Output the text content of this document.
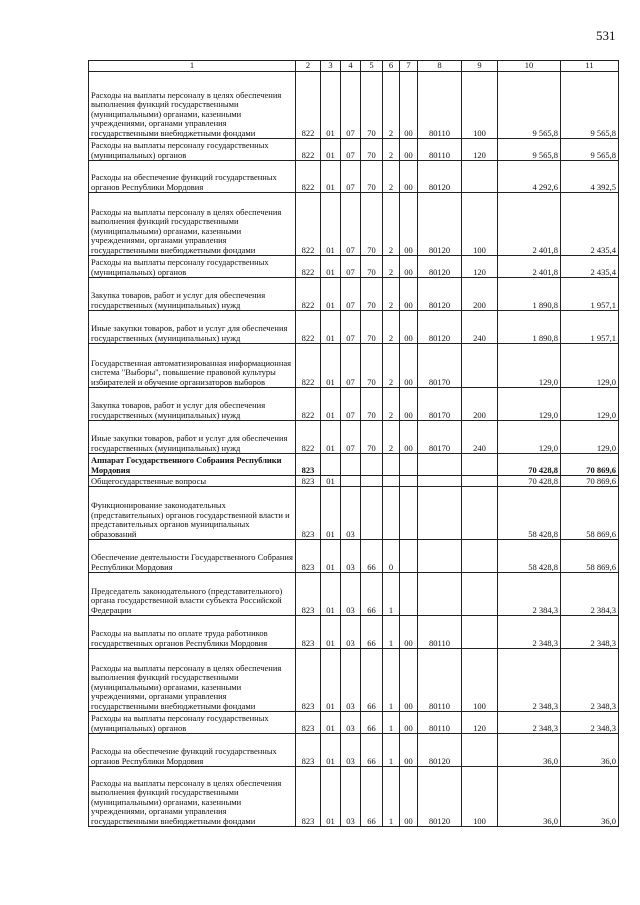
531
1	2	3	4	5	6	7	8	9	10	11
Расходы на выплаты персоналу в целях обеспечения выполнения функций государственными (муниципальными) органами, казенными учреждениями, органами управления государственными внебюджетными фондами	822	01	07	70	2	00	80110	100	9 565,8	9 565,8
Расходы на выплаты персоналу государственных (муниципальных) органов	822	01	07	70	2	00	80110	120	9 565,8	9 565,8
Расходы на обеспечение функций государственных органов Республики Мордовия	822	01	07	70	2	00	80120		4 292,6	4 392,5
Расходы на выплаты персоналу в целях обеспечения выполнения функций государственными (муниципальными) органами, казенными учреждениями, органами управления государственными внебюджетными фондами	822	01	07	70	2	00	80120	100	2 401,8	2 435,4
Расходы на выплаты персоналу государственных (муниципальных) органов	822	01	07	70	2	00	80120	120	2 401,8	2 435,4
Закупка товаров, работ и услуг для обеспечения государственных (муниципальных) нужд	822	01	07	70	2	00	80120	200	1 890,8	1 957,1
Иные закупки товаров, работ и услуг для обеспечения государственных (муниципальных) нужд	822	01	07	70	2	00	80120	240	1 890,8	1 957,1
Государственная автоматизированная информационная система "Выборы", повышение правовой культуры избирателей и обучение организаторов выборов	822	01	07	70	2	00	80170		129,0	129,0
Закупка товаров, работ и услуг для обеспечения государственных (муниципальных) нужд	822	01	07	70	2	00	80170	200	129,0	129,0
Иные закупки товаров, работ и услуг для обеспечения государственных (муниципальных) нужд	822	01	07	70	2	00	80170	240	129,0	129,0
Аппарат Государственного Собрания Республики Мордовия	823								70 428,8	70 869,6
Общегосударственные вопросы	823	01							70 428,8	70 869,6
Функционирование законодательных (представительных) органов государственной власти и представительных органов муниципальных образований	823	01	03						58 428,8	58 869,6
Обеспечение деятельности Государственного Собрания Республики Мордовия	823	01	03	66	0				58 428,8	58 869,6
Председатель законодательного (представительного) органа государственной власти субъекта Российской Федерации	823	01	03	66	1				2 384,3	2 384,3
Расходы на выплаты по оплате труда работников государственных органов Республики Мордовия	823	01	03	66	1	00	80110		2 348,3	2 348,3
Расходы на выплаты персоналу в целях обеспечения выполнения функций государственными (муниципальными) органами, казенными учреждениями, органами управления государственными внебюджетными фондами	823	01	03	66	1	00	80110	100	2 348,3	2 348,3
Расходы на выплаты персоналу государственных (муниципальных) органов	823	01	03	66	1	00	80110	120	2 348,3	2 348,3
Расходы на обеспечение функций государственных органов Республики Мордовия	823	01	03	66	1	00	80120		36,0	36,0
Расходы на выплаты персоналу в целях обеспечения выполнения функций государственными (муниципальными) органами, казенными учреждениями, органами управления государственными внебюджетными фондами	823	01	03	66	1	00	80120	100	36,0	36,0
